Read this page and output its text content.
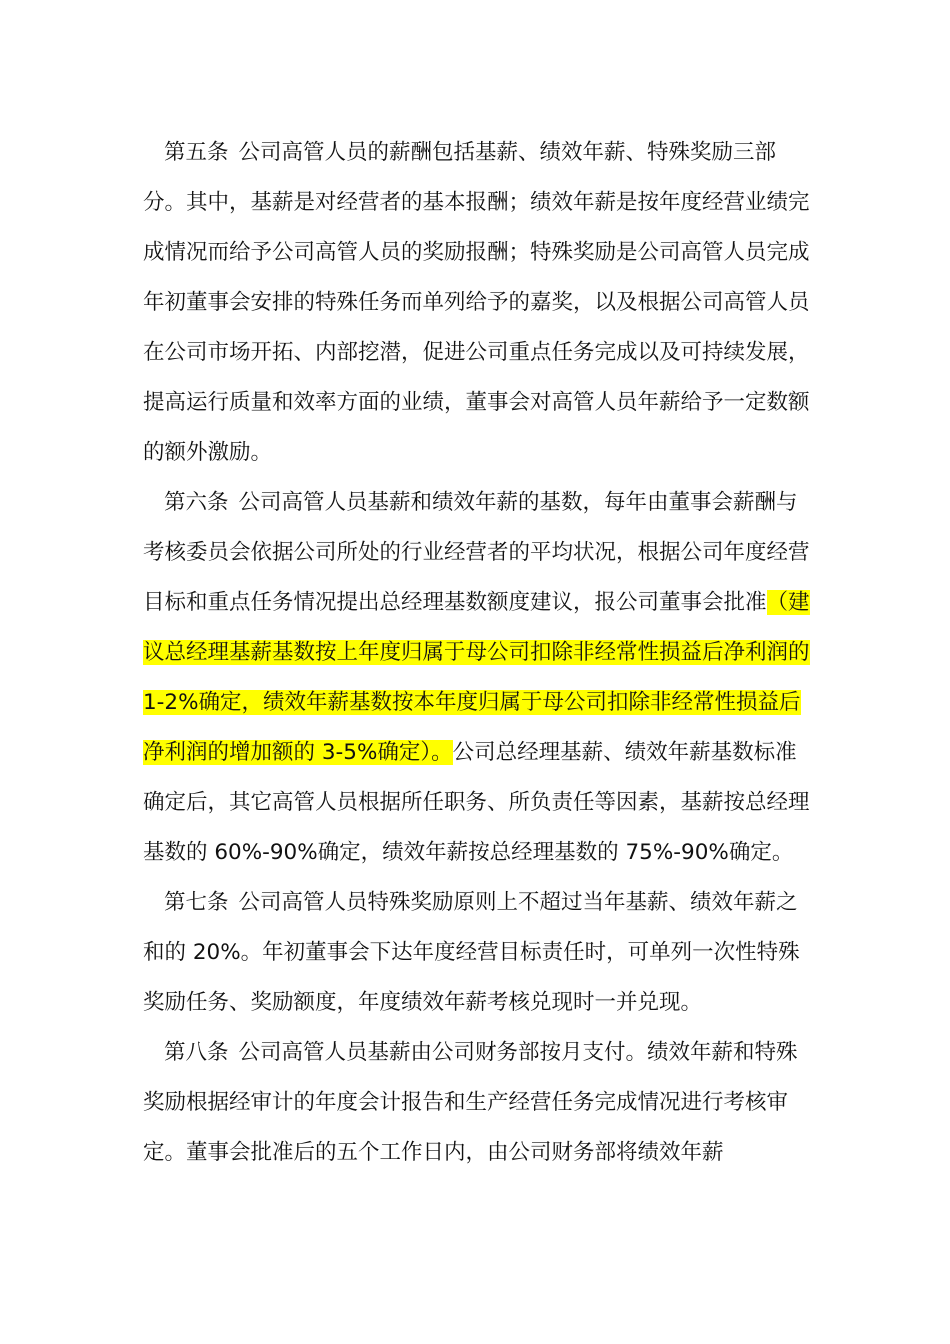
第五条 公司高管人员的薪酬包括基薪、绩效年薪、特殊奖励三部分。其中，基薪是对经营者的基本报酬；绩效年薪是按年度经营业绩完成情况而给予公司高管人员的奖励报酬；特殊奖励是公司高管人员完成年初董事会安排的特殊任务而单列给予的嘉奖，以及根据公司高管人员在公司市场开拓、内部挖潜，促进公司重点任务完成以及可持续发展，提高运行质量和效率方面的业绩，董事会对高管人员年薪给予一定数额的额外激励。

第六条 公司高管人员基薪和绩效年薪的基数，每年由董事会薪酬与考核委员会依据公司所处的行业经营者的平均状况，根据公司年度经营目标和重点任务情况提出总经理基数额度建议，报公司董事会批准（建议总经理基薪基数按上年度归属于母公司扣除非经常性损益后净利润的 1-2%确定，绩效年薪基数按本年度归属于母公司扣除非经常性损益后净利润的增加额的 3-5%确定）。公司总经理基薪、绩效年薪基数标准确定后，其它高管人员根据所任职务、所负责任等因素，基薪按总经理基数的 60%-90%确定，绩效年薪按总经理基数的 75%-90%确定。

第七条 公司高管人员特殊奖励原则上不超过当年基薪、绩效年薪之和的 20%。年初董事会下达年度经营目标责任时，可单列一次性特殊奖励任务、奖励额度，年度绩效年薪考核兑现时一并兑现。

第八条 公司高管人员基薪由公司财务部按月支付。绩效年薪和特殊奖励根据经审计的年度会计报告和生产经营任务完成情况进行考核审定。董事会批准后的五个工作日内，由公司财务部将绩效年薪
